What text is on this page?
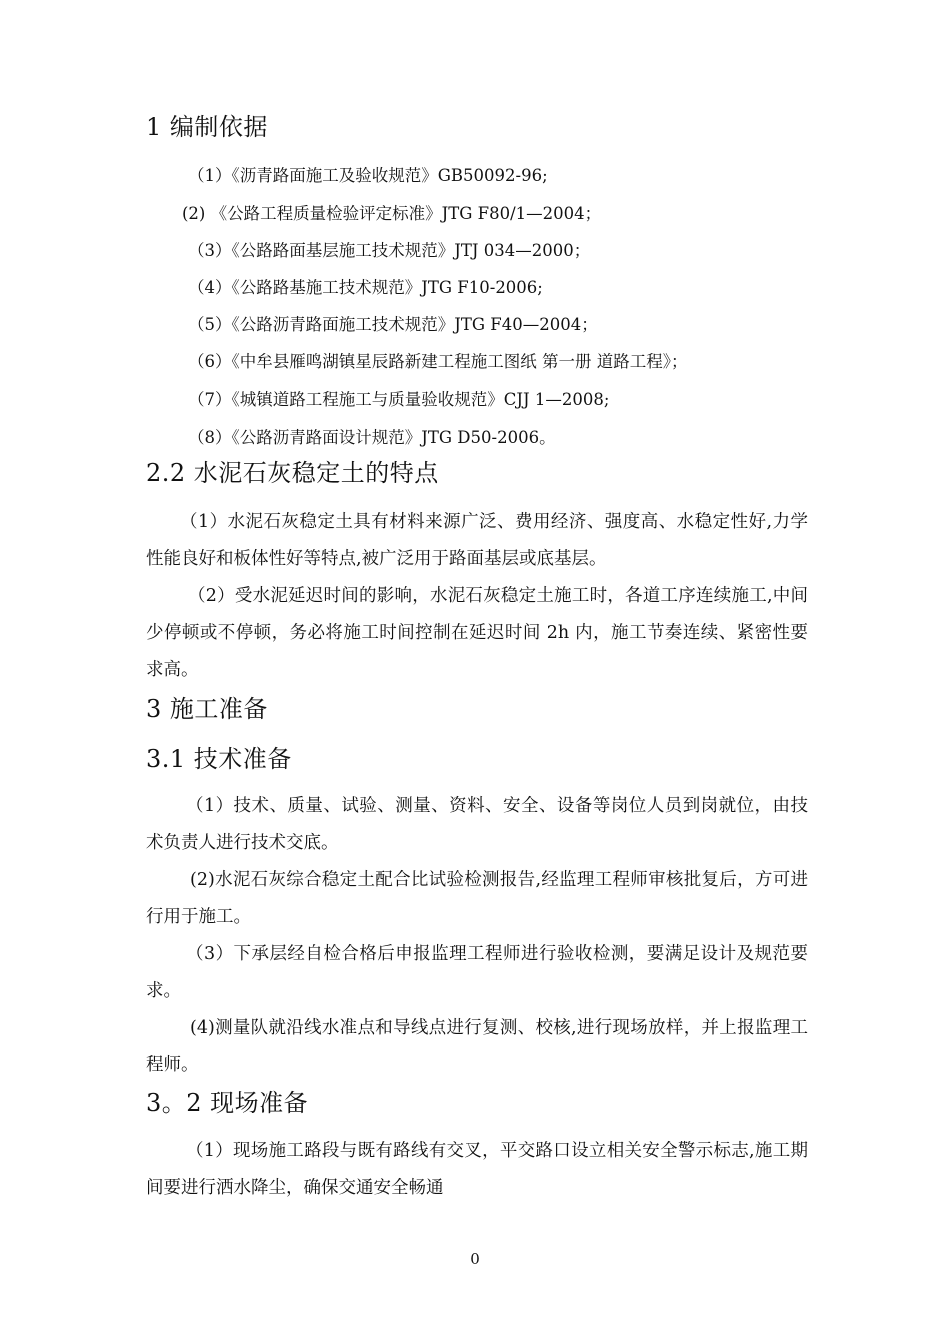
1 编制依据
（1）《沥青路面施工及验收规范》GB50092-96;
(2) 《公路工程质量检验评定标准》JTG F80/1—2004；
（3）《公路路面基层施工技术规范》JTJ 034—2000；
（4）《公路路基施工技术规范》JTG F10-2006;
（5）《公路沥青路面施工技术规范》JTG F40—2004；
（6）《中牟县雁鸣湖镇星辰路新建工程施工图纸 第一册 道路工程》；
（7）《城镇道路工程施工与质量验收规范》CJJ 1—2008;
（8）《公路沥青路面设计规范》JTG D50-2006。
2.2 水泥石灰稳定土的特点

（1）水泥石灰稳定土具有材料来源广泛、费用经济、强度高、水稳定性好,力学性能良好和板体性好等特点,被广泛用于路面基层或底基层。

（2）受水泥延迟时间的影响，水泥石灰稳定土施工时，各道工序连续施工,中间少停顿或不停顿，务必将施工时间控制在延迟时间 2h 内，施工节奏连续、紧密性要求高。

3 施工准备
3.1 技术准备

（1）技术、质量、试验、测量、资料、安全、设备等岗位人员到岗就位，由技术负责人进行技术交底。

(2)水泥石灰综合稳定土配合比试验检测报告,经监理工程师审核批复后，方可进行用于施工。

（3）下承层经自检合格后申报监理工程师进行验收检测，要满足设计及规范要求。

(4)测量队就沿线水准点和导线点进行复测、校核,进行现场放样，并上报监理工程师。

3。2 现场准备

（1）现场施工路段与既有路线有交叉，平交路口设立相关安全警示标志,施工期间要进行洒水降尘，确保交通安全畅通

0
